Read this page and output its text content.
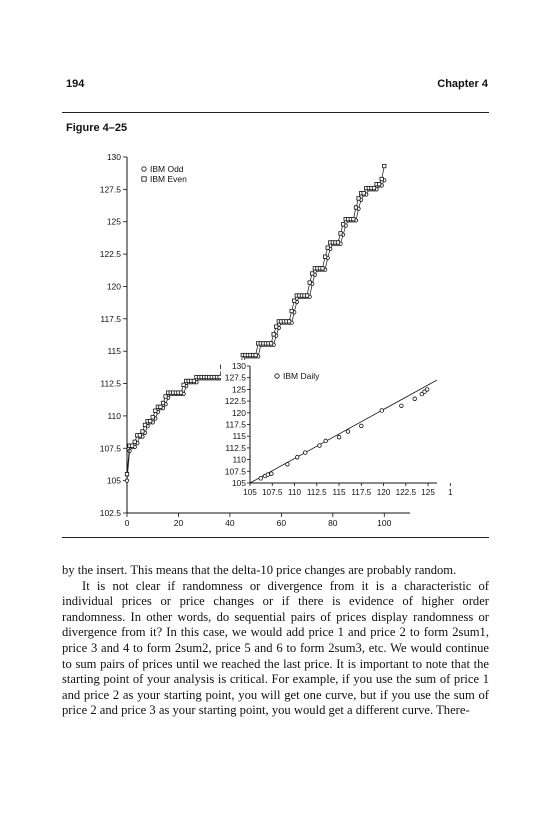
194	Chapter 4
Figure 4–25
102.5
105
107.5
110
112.5
115
117.5
120
122.5
125
127.5
130
0	20	40	60	80	100
IBM Odd
IBM Even
105
107.5
110
112.5
115
117.5
120
122.5
125
127.5
130
105 107.5 110 112.5 115 117.5 120 122.5 125 1
IBM Daily

by the insert. This means that the delta-10 price changes are probably random.

It is not clear if randomness or divergence from it is a characteristic of individual prices or price changes or if there is evidence of higher order randomness. In other words, do sequential pairs of prices display randomness or divergence from it? In this case, we would add price 1 and price 2 to form 2sum1, price 3 and 4 to form 2sum2, price 5 and 6 to form 2sum3, etc. We would continue to sum pairs of prices until we reached the last price. It is important to note that the starting point of your analysis is critical. For example, if you use the sum of price 1 and price 2 as your starting point, you will get one curve, but if you use the sum of price 2 and price 3 as your starting point, you would get a different curve. There-
